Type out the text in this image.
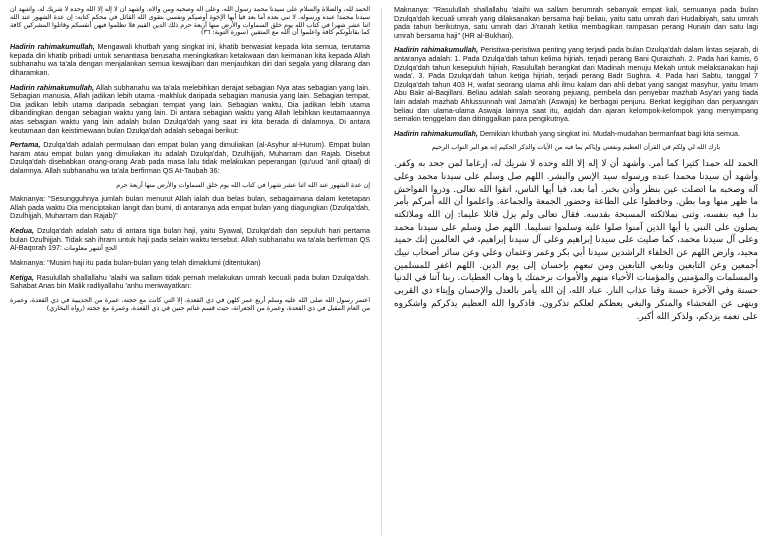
الحمد لله، والصلاة والسلام على سيدنا محمد رسول الله، وعلى آله وصحبه ومن والاه. وأشهد أن لا إله إلا الله وحده لا شريك له، وأشهد أن سيدنا محمدا عبده ورسوله. لا نبي بعده أما بعد فيا أيها الإخوة أوصيكم ونفسي بتقوى الله القائل في محكم كتابه: إن عدة الشهور عند الله اثنا عشر شهرا في كتاب الله يوم خلق السماوات والأرض منها أربعة حرم ذلك الدين القيم فلا تظلموا فيهن أنفسكم وقاتلوا المشركين كافة كما يقاتلونكم كافة واعلموا أن الله مع المتقين (سورة التوبة: ٣٦)

Hadirin rahimakumullah, Mengawali khutbah yang singkat ini, khatib berwasiat kepada kita semua, terutama kepada diri khatib pribadi untuk senantiasa berusaha meningkatkan ketakwaan dan keimanan kita kepada Allah subhanahu wa ta'ala dengan menjalankan semua kewajiban dan menjauhkan diri dari segala yang dilarang dan diharamkan.

Hadirin rahimakumullah, Allah subhanahu wa ta'ala melebihkan derajat sebagian Nya atas sebagian yang lain. Sebagian manusia, Allah jadikan lebih utama -makhluk daripada sebagian manusia yang lain. Sebagian tempat, Dia jadikan lebih utama daripada sebagian tempat yang lain. Sebagian waktu, Dia jadikan lebih utama dibandingkan dengan sebagian waktu yang lain. Di antara sebagian waktu yang Allah lebihkan keutamaannya atas sebagian waktu yang lain adalah bulan Dzulqa'dah yang saat ini kita berada di dalamnya. Di antara keutamaan dan keistimewaan bulan Dzulqa'dah adalah sebagai berikut:

Pertama, Dzulqa'dah adalah permulaan dari empat bulan yang dimuliakan (al-Asyhur al-Hurum). Empat bulan haram atau empat bulan yang dimuliakan itu adalah Dzulqa'dah, Dzulhijjah, Muharram dan Rajab. Disebut Dzulqa'dah disebabkan orang-orang Arab pada masa lalu tidak melakukan peperangan (qu'uud 'anil qitaal) di dalamnya. Allah subhanahu wa ta'ala berfirman QS At-Taubah 36:

إن عدة الشهور عند الله اثنا عشر شهرا في كتاب الله يوم خلق السماوات والأرض منها أربعة حرم

Maknanya: "Sesungguhnya jumlah bulan menurut Allah ialah dua belas bulan, sebagaimana dalam ketetapan Allah pada waktu Dia menciptakan langit dan bumi, di antaranya ada empat bulan yang diagungkan (Dzulqa'dah, Dzulhijjah, Muharram dan Rajab)"

Kedua, Dzulqa'dah adalah satu di antara tiga bulan haji, yaitu Syawal, Dzulqa'dah dan sepuluh hari pertama bulan Dzulhijjah. Tidak sah ihram untuk haji pada selain waktu tersebut. Allah subhanahu wa ta'ala berfirman QS Al-Baqorah 197: الحج أشهر معلومات

Maknanya: "Musim haji itu pada bulan-bulan yang telah dimaklumi (ditentukan)

Ketiga, Rasulullah shallallahu 'alaihi wa sallam tidak pernah melakukan umrah kecuali pada bulan Dzulqa'dah. Sahabat Anas bin Malik radliyallahu 'anhu meriwayatkan:

اعتمر رسول الله صلى الله عليه وسلم أربع عمر كلهن في ذي القعدة، إلا التي كانت مع حجته، عمرة من الحديبية في ذي القعدة، وعمرة من العام المقبل في ذي القعدة، وعمرة من الجعرانة، حيث قسم غنائم حنين في ذي القعدة، وعمرة مع حجته (رواه البخاري)

Maknanya: "Rasulullah shallallahu 'alaihi wa sallam berumrah sebanyak empat kali, semuanya pada bulan Dzulqa'dah kecuali umrah yang dilaksanakan bersama haji beliau, yaitu satu umrah dari Hudaibiyah, satu umrah pada tahun berikutnya, satu umrah dari Ji'ranah ketika membagikan rampasan perang Hunain dan satu lagi umrah bersama haji" (HR al-Bukhari).

Hadirin rahimakumullah, Peristiwa-peristiwa penting yang terjadi pada bulan Dzulqa'dah dalam lintas sejarah, di antaranya adalah: 1. Pada Dzulqa'dah tahun kelima hijriah, terjadi perang Bani Quraizhah. 2. Pada hari kamis, 6 Dzulqa'dah tahun kesepuluh hijriah, Rasulullah berangkat dari Madinah menuju Mekah untuk melaksanakan haji wada'. 3. Pada Dzulqa'dah tahun ketiga hijriah, terjadi perang Badr Sughra. 4. Pada hari Sabtu, tanggal 7 Dzulqa'dah tahun 403 H, wafat seorang ulama ahli ilmu kalam dan ahli debat yang sangat masyhur, yaitu Imam Abu Bakr al-Baqillani. Beliau adalah salah seorang pejuang, pembela dan penyebar mazhab Asy'ari yang tiada lain adalah mazhab Ahlussunnah wal Jama'ah (Aswaja) ke berbagai penjuru. Berkat kegigihan dan perjuangan beliau dan ulama-ulama Aswaja lainnya saat itu, aqidah dan ajaran kelompok-kelompok yang menyimpang semakin tenggelam dan ditinggalkan para pengikutnya.

Hadirin rahimakumullah, Demikian khutbah yang singkat ini. Mudah-mudahan bermanfaat bagi kita semua.

بارك الله لي ولكم في القرآن العظيم ونفعني وإياكم بما فيه من الآيات والذكر الحكيم إنه هو البر التواب الرحيم

الحمد لله حمدا كثيرا كما أمر. وأشهد أن لا إله إلا الله وحده لا شريك له، إرغاما لمن جحد به وكفر. وأشهد أن سيدنا محمدا عبده ورسوله سيد الإنس والبشر. اللهم صل وسلم على سيدنا محمد وعلى آله وصحبه ما اتصلت عين بنظر وأذن بخبر. أما بعد، فيا أيها الناس، اتقوا الله تعالى. وذروا الفواحش ما ظهر منها وما بطن. وحافظوا على الطاعة وحضور الجمعة والجماعة. واعلموا أن الله أمركم بأمر بدأ فيه بنفسه، وثنى بملائكته المسبحة بقدسه. فقال تعالى ولم يزل قائلا عليما: إن الله وملائكته يصلون على النبي يا أيها الذين آمنوا صلوا عليه وسلموا تسليما. اللهم صل وسلم على سيدنا محمد وعلى آل سيدنا محمد، كما صليت على سيدنا إبراهيم وعلى آل سيدنا إبراهيم، في العالمين إنك حميد مجيد، وارض اللهم عن الخلفاء الراشدين سيدنا أبي بكر وعمر وعثمان وعلي وعن سائر أصحاب نبيك أجمعين وعن التابعين وتابعي التابعين ومن تبعهم بإحسان إلى يوم الدين. اللهم اغفر للمسلمين والمسلمات والمؤمنين والمؤمنات الأحياء منهم والأموات برحمتك يا وهاب العطيات. ربنا آتنا في الدنيا حسنة وفي الآخرة حسنة وقنا عذاب النار. عباد الله، إن الله يأمر بالعدل والإحسان وإيتاء ذي القربى وينهى عن الفحشاء والمنكر والبغي يعظكم لعلكم تذكرون. فاذكروا الله العظيم يذكركم واشكروه على نعمه يزدكم، ولذكر الله أكبر.
